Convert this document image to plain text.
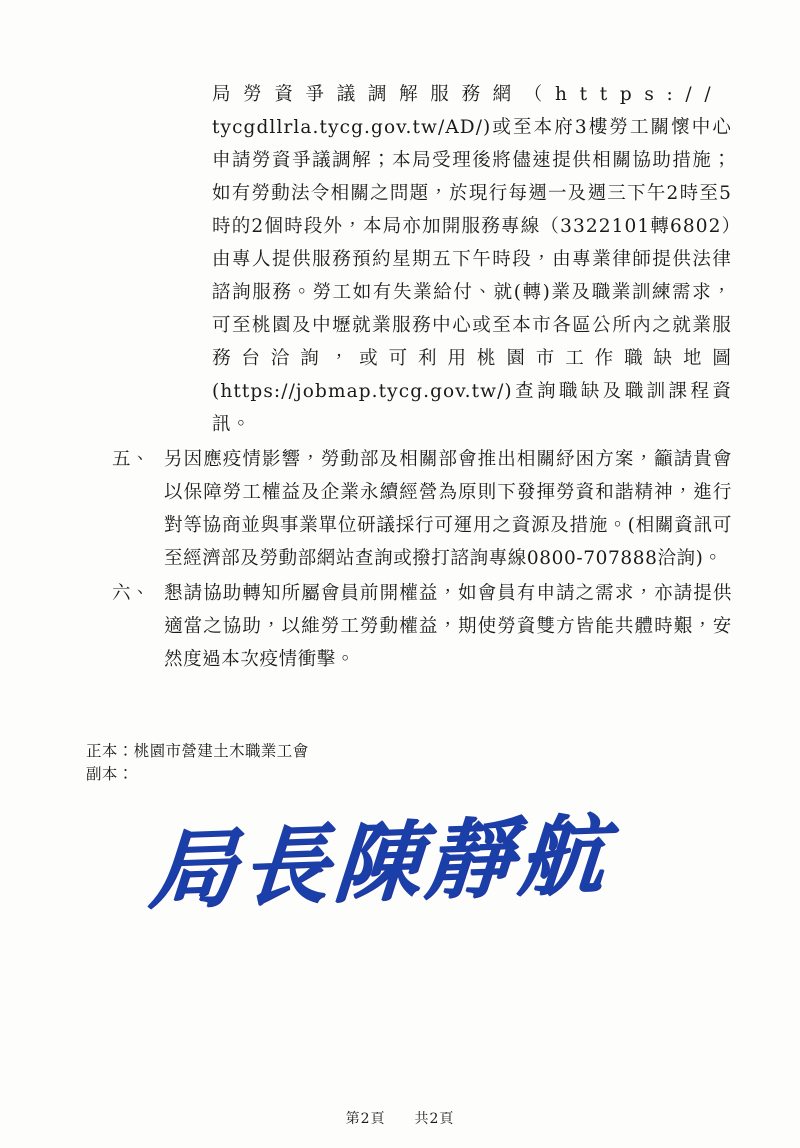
局 勞 資 爭 議 調 解 服 務 網 （ h t t p s : / /
tycgdllrla.tycg.gov.tw/AD/)或至本府3樓勞工關懷中心申請勞資爭議調解；本局受理後將儘速提供相關協助措施；如有勞動法令相關之問題，於現行每週一及週三下午2時至5時的2個時段外，本局亦加開服務專線（3322101轉6802）由專人提供服務預約星期五下午時段，由專業律師提供法律諮詢服務。勞工如有失業給付、就(轉)業及職業訓練需求，可至桃園及中壢就業服務中心或至本市各區公所內之就業服務台洽詢，或可利用桃園市工作職缺地圖(https://jobmap.tycg.gov.tw/)查詢職缺及職訓課程資訊。
五、 另因應疫情影響，勞動部及相關部會推出相關紓困方案，籲請貴會以保障勞工權益及企業永續經營為原則下發揮勞資和諧精神，進行對等協商並與事業單位研議採行可運用之資源及措施。(相關資訊可至經濟部及勞動部網站查詢或撥打諮詢專線0800-707888洽詢)。
六、 懇請協助轉知所屬會員前開權益，如會員有申請之需求，亦請提供適當之協助，以維勞工勞動權益，期使勞資雙方皆能共體時艱，安然度過本次疫情衝擊。
正本：桃園市營建土木職業工會
副本：
局長陳靜航
第2頁 共2頁
